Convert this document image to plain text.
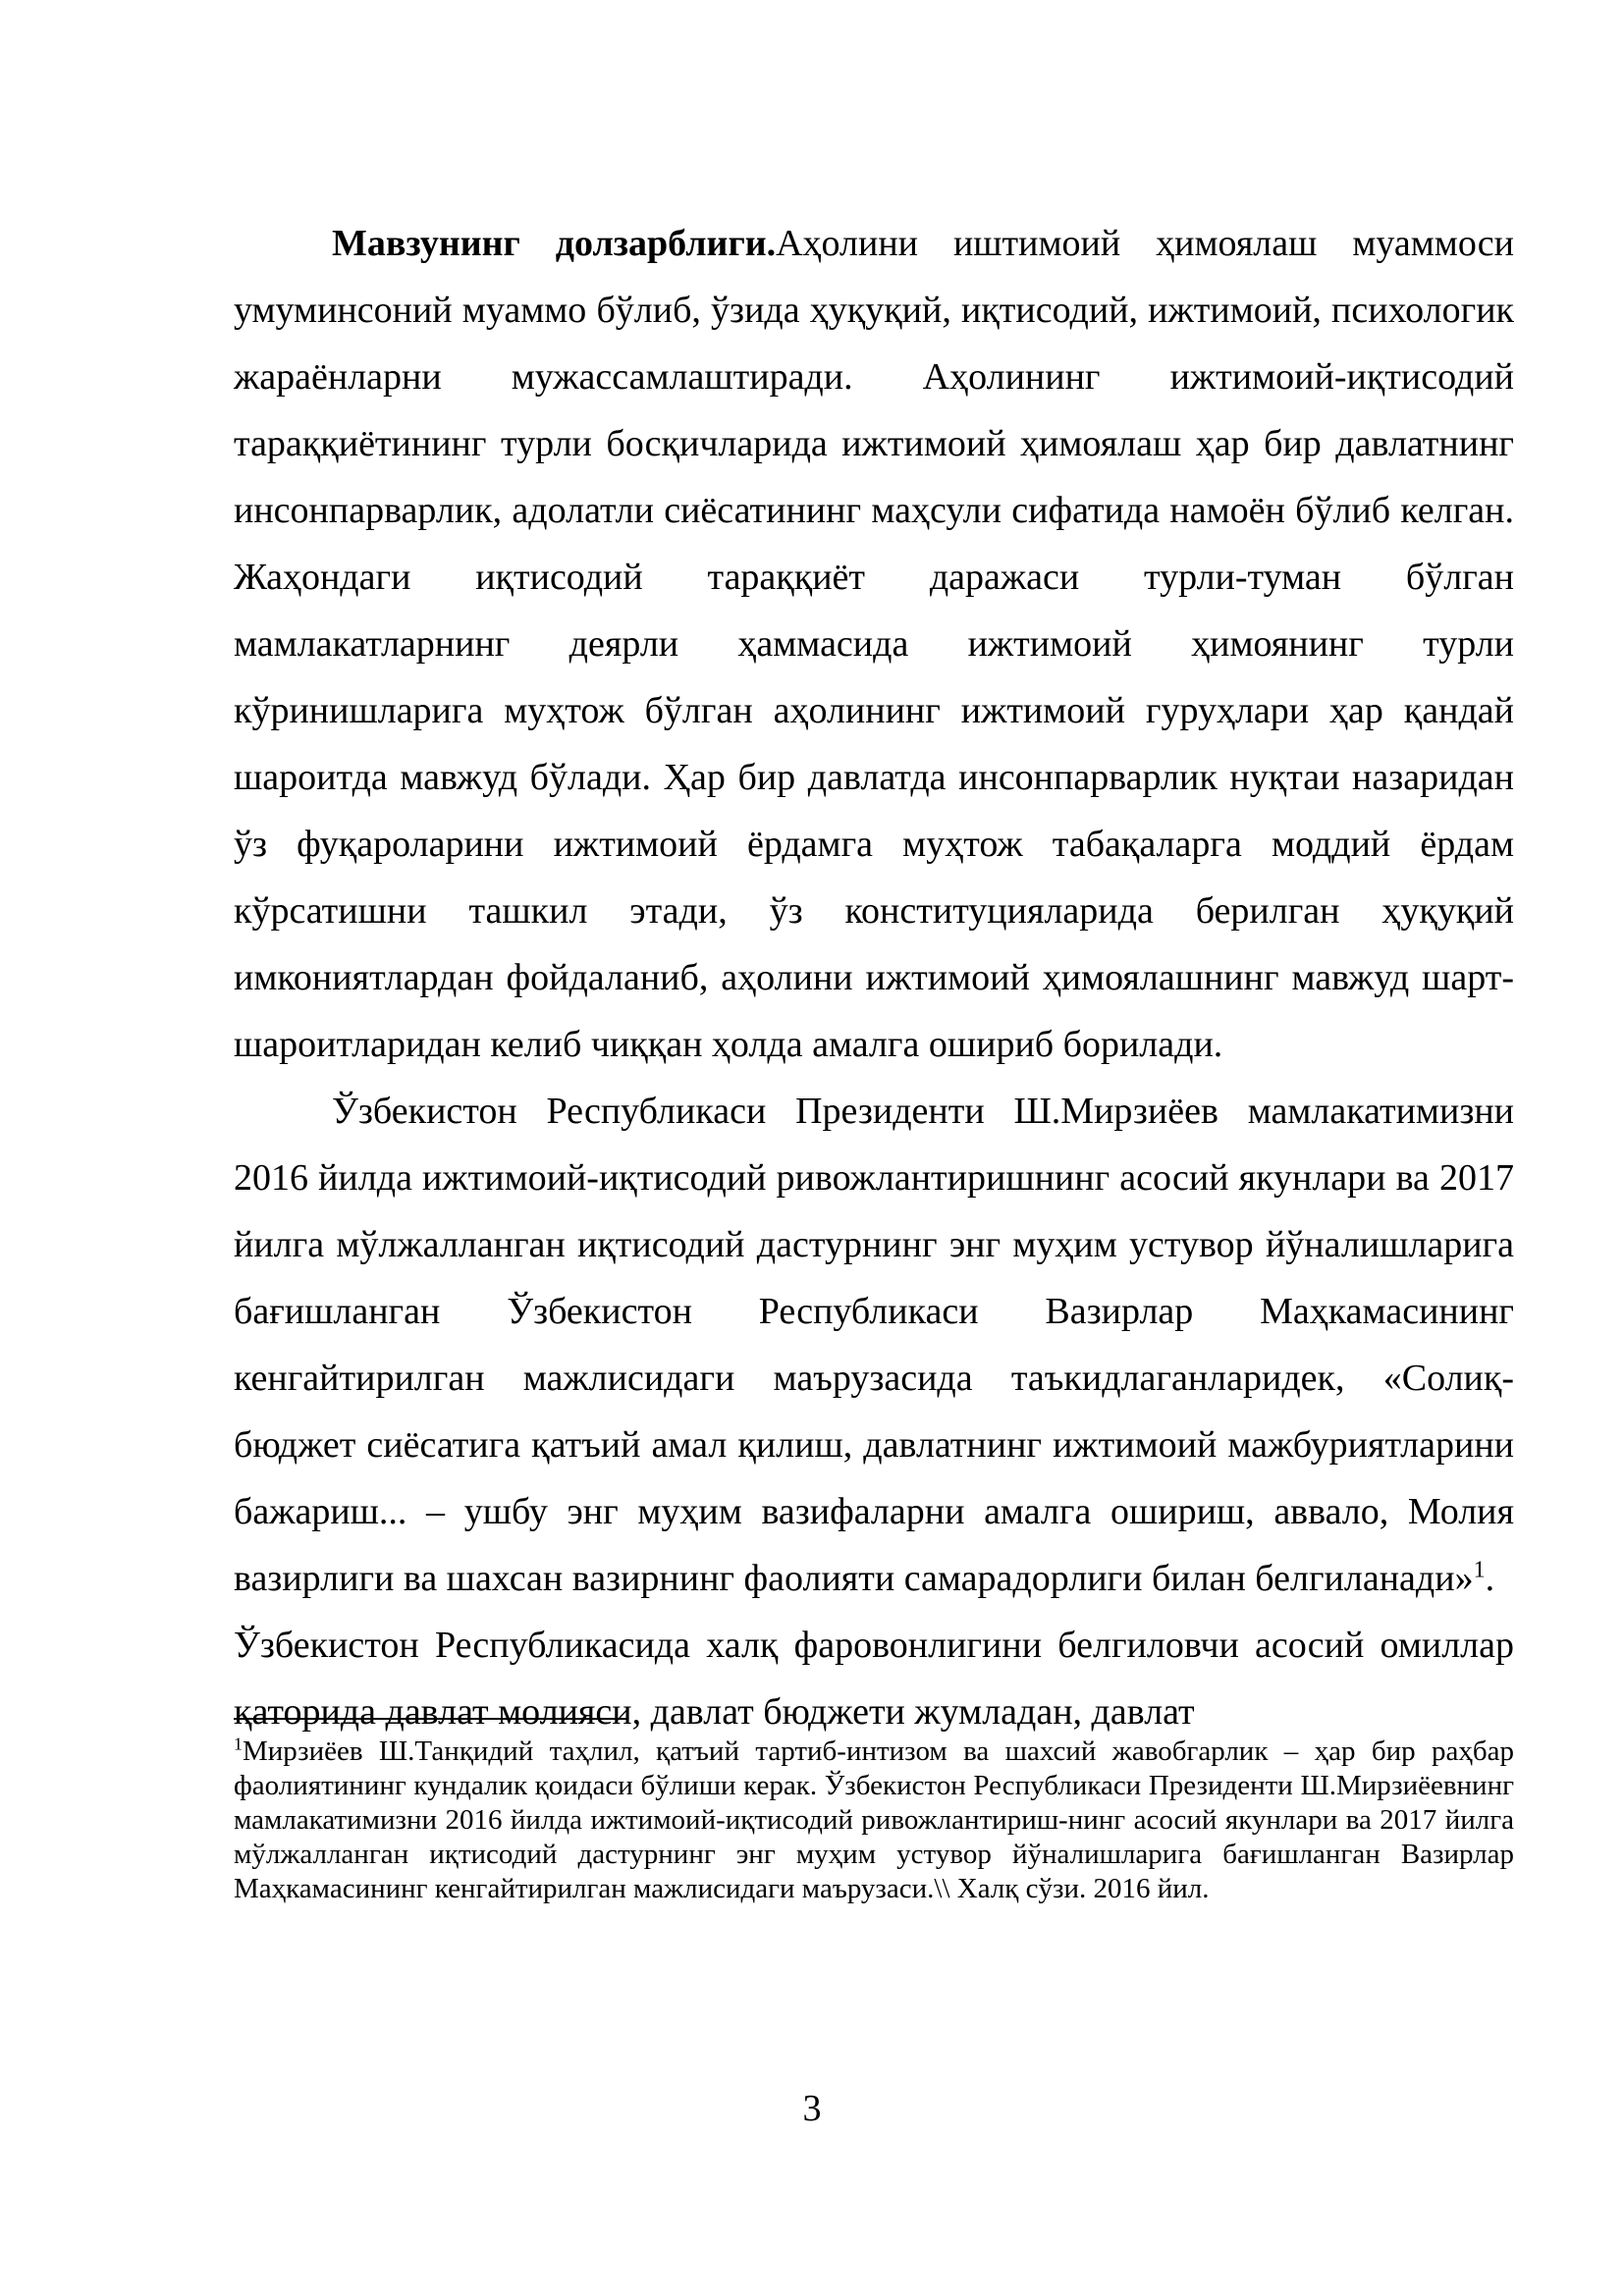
Мавзунинг долзарблиги.Аҳолини иштимоий ҳимоялаш муаммоси умуминсоний муаммо бўлиб, ўзида ҳуқуқий, иқтисодий, ижтимоий, психологик жараёнларни мужассамлаштиради. Аҳолининг ижтимоий-иқтисодий тараққиётининг турли босқичларида ижтимоий ҳимоялаш ҳар бир давлатнинг инсонпарварлик, адолатли сиёсатининг маҳсули сифатида намоён бўлиб келган. Жаҳондаги иқтисодий тараққиёт даражаси турли-туман бўлган мамлакатларнинг деярли ҳаммасида ижтимоий ҳимоянинг турли кўринишларига муҳтож бўлган аҳолининг ижтимоий гуруҳлари ҳар қандай шароитда мавжуд бўлади. Ҳар бир давлатда инсонпарварлик нуқтаи назаридан ўз фуқароларини ижтимоий ёрдамга муҳтож табақаларга моддий ёрдам кўрсатишни ташкил этади, ўз конституцияларида берилган ҳуқуқий имкониятлардан фойдаланиб, аҳолини ижтимоий ҳимоялашнинг мавжуд шарт-шароитларидан келиб чиққан ҳолда амалга ошириб борилади.

Ўзбекистон Республикаси Президенти Ш.Мирзиёев мамлакатимизни 2016 йилда ижтимоий-иқтисодий ривожлантиришнинг асосий якунлари ва 2017 йилга мўлжалланган иқтисодий дастурнинг энг муҳим устувор йўналишларига бағишланган Ўзбекистон Республикаси Вазирлар Маҳкамасининг кенгайтирилган мажлисидаги маърузасида таъкидлаганларидек, «Солиқ-бюджет сиёсатига қатъий амал қилиш, давлатнинг ижтимоий мажбуриятларини бажариш... – ушбу энг муҳим вазифаларни амалга ошириш, аввало, Молия вазирлиги ва шахсан вазирнинг фаолияти самарадорлиги билан белгиланади»$^1$.

Ўзбекистон Республикасида халқ фаровонлигини белгиловчи асосий омиллар қаторида давлат молияси, давлат бюджети жумладан, давлат

$^1$Мирзиёев Ш.Танқидий таҳлил, қатъий тартиб-интизом ва шахсий жавобгарлик – ҳар бир раҳбар фаолиятининг кундалик қоидаси бўлиши керак. Ўзбекистон Республикаси Президенти Ш.Мирзиёевнинг мамлакатимизни 2016 йилда ижтимоий-иқтисодий ривожлантириш-нинг асосий якунлари ва 2017 йилга мўлжалланган иқтисодий дастурнинг энг муҳим устувор йўналишларига бағишланган Вазирлар Маҳкамасининг кенгайтирилган мажлисидаги маърузаси.\\ Халқ сўзи. 2016 йил.

3
